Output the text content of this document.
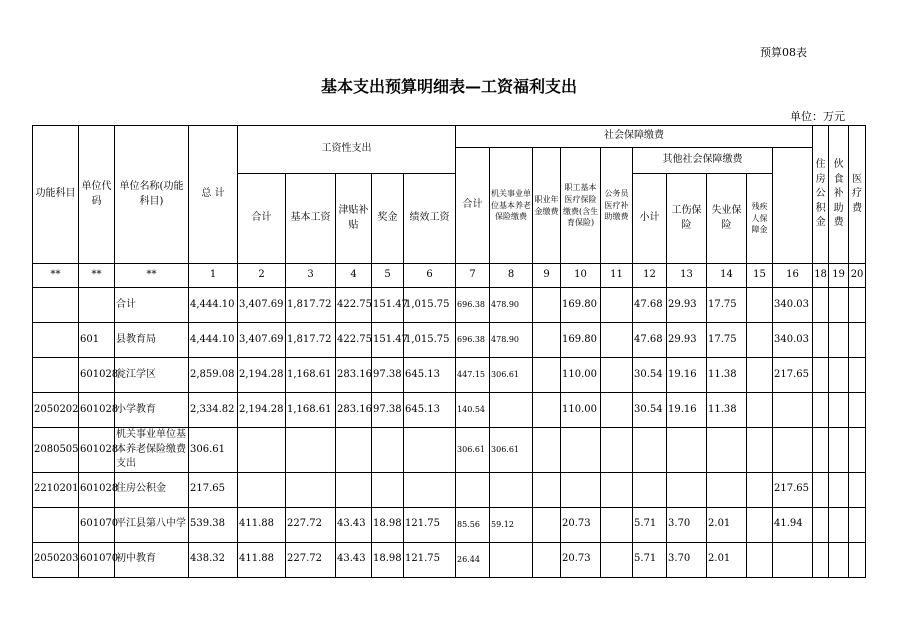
预算08表
基本支出预算明细表—工资福利支出
单位：万元
功能科目	单位代码	单位名称(功能科目)	总 计	工资性支出					社会保障缴费										住房公积金	伙食补助费	医疗费	
									合计	机关事业单位基本养老保险缴费	职业年金缴费	职工基本医疗保险缴费(含生育保险)	公务员医疗补助缴费	其他社会保障缴费								
				合计	基本工资	津贴补贴	奖金	绩效工资						小计	工伤保险	失业保险	残疾人保障金					
**	**	**	1	2	3	4	5	6	7	8	9	10	11	12	13	14	15	16	18	19	20	
		合计	4,444.10	3,407.69	1,817.72	422.75	151.47	1,015.75	696.38	478.90		169.80		47.68	29.93	17.75		340.03				
	601	县教育局	4,444.10	3,407.69	1,817.72	422.75	151.47	1,015.75	696.38	478.90		169.80		47.68	29.93	17.75		340.03				
	601028	瓮江学区	2,859.08	2,194.28	1,168.61	283.16	97.38	645.13	447.15	306.61		110.00		30.54	19.16	11.38		217.65				
2050202	601028	小学教育	2,334.82	2,194.28	1,168.61	283.16	97.38	645.13	140.54			110.00		30.54	19.16	11.38						
2080505	601028	机关事业单位基本养老保险缴费支出	306.61						306.61	306.61												
2210201	601028	住房公积金	217.65															217.65				
	601070	平江县第八中学	539.38	411.88	227.72	43.43	18.98	121.75	85.56	59.12		20.73		5.71	3.70	2.01		41.94				
2050203	601070	初中教育	438.32	411.88	227.72	43.43	18.98	121.75	26.44			20.73		5.71	3.70	2.01						
